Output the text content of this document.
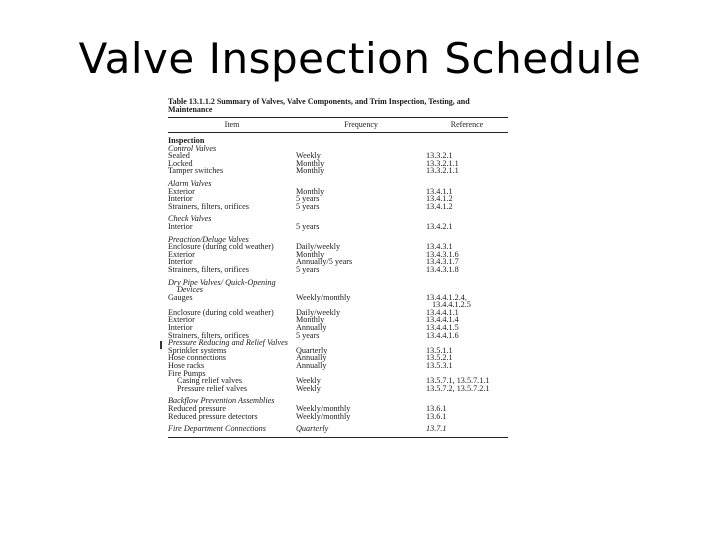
Valve Inspection Schedule
Table 13.1.1.2 Summary of Valves, Valve Components, and Trim Inspection, Testing, and Maintenance
Item	Frequency	Reference
Inspection
Control Valves
Sealed	Weekly	13.3.2.1
Locked	Monthly	13.3.2.1.1
Tamper switches	Monthly	13.3.2.1.1
Alarm Valves
Exterior	Monthly	13.4.1.1
Interior	5 years	13.4.1.2
Strainers, filters, orifices	5 years	13.4.1.2
Check Valves
Interior	5 years	13.4.2.1
Preaction/Deluge Valves
Enclosure (during cold weather)	Daily/weekly	13.4.3.1
Exterior	Monthly	13.4.3.1.6
Interior	Annually/5 years	13.4.3.1.7
Strainers, filters, orifices	5 years	13.4.3.1.8
Dry Pipe Valves/ Quick-Opening
Devices
Gauges	Weekly/monthly	13.4.4.1.2.4,
13.4.4.1.2.5
Enclosure (during cold weather)	Daily/weekly	13.4.4.1.1
Exterior	Monthly	13.4.4.1.4
Interior	Annually	13.4.4.1.5
Strainers, filters, orifices	5 years	13.4.4.1.6
Pressure Reducing and Relief Valves
Sprinkler systems	Quarterly	13.5.1.1
Hose connections	Annually	13.5.2.1
Hose racks	Annually	13.5.3.1
Fire Pumps
Casing relief valves	Weekly	13.5.7.1, 13.5.7.1.1
Pressure relief valves	Weekly	13.5.7.2, 13.5.7.2.1
Backflow Prevention Assemblies
Reduced pressure	Weekly/monthly	13.6.1
Reduced pressure detectors	Weekly/monthly	13.6.1
Fire Department Connections	Quarterly	13.7.1
